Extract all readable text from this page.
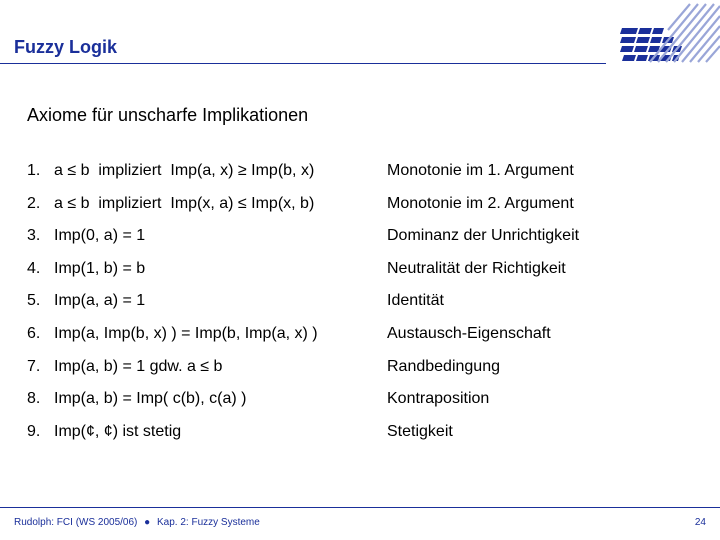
Fuzzy Logik
Axiome für unscharfe Implikationen
1. a ≤ b  impliziert  Imp(a, x) ≥ Imp(b, x)	Monotonie im 1. Argument
2. a ≤ b  impliziert  Imp(x, a) ≤ Imp(x, b)	Monotonie im 2. Argument
3. Imp(0, a) = 1	Dominanz der Unrichtigkeit
4. Imp(1, b) = b	Neutralität der Richtigkeit
5. Imp(a, a) = 1	Identität
6. Imp(a, Imp(b, x) ) = Imp(b, Imp(a, x) )	Austausch-Eigenschaft
7. Imp(a, b) = 1 gdw. a ≤ b	Randbedingung
8. Imp(a, b) = Imp( c(b), c(a) )	Kontraposition
9. Imp(¢, ¢) ist stetig	Stetigkeit
Rudolph: FCI (WS 2005/06) ● Kap. 2: Fuzzy Systeme	24
